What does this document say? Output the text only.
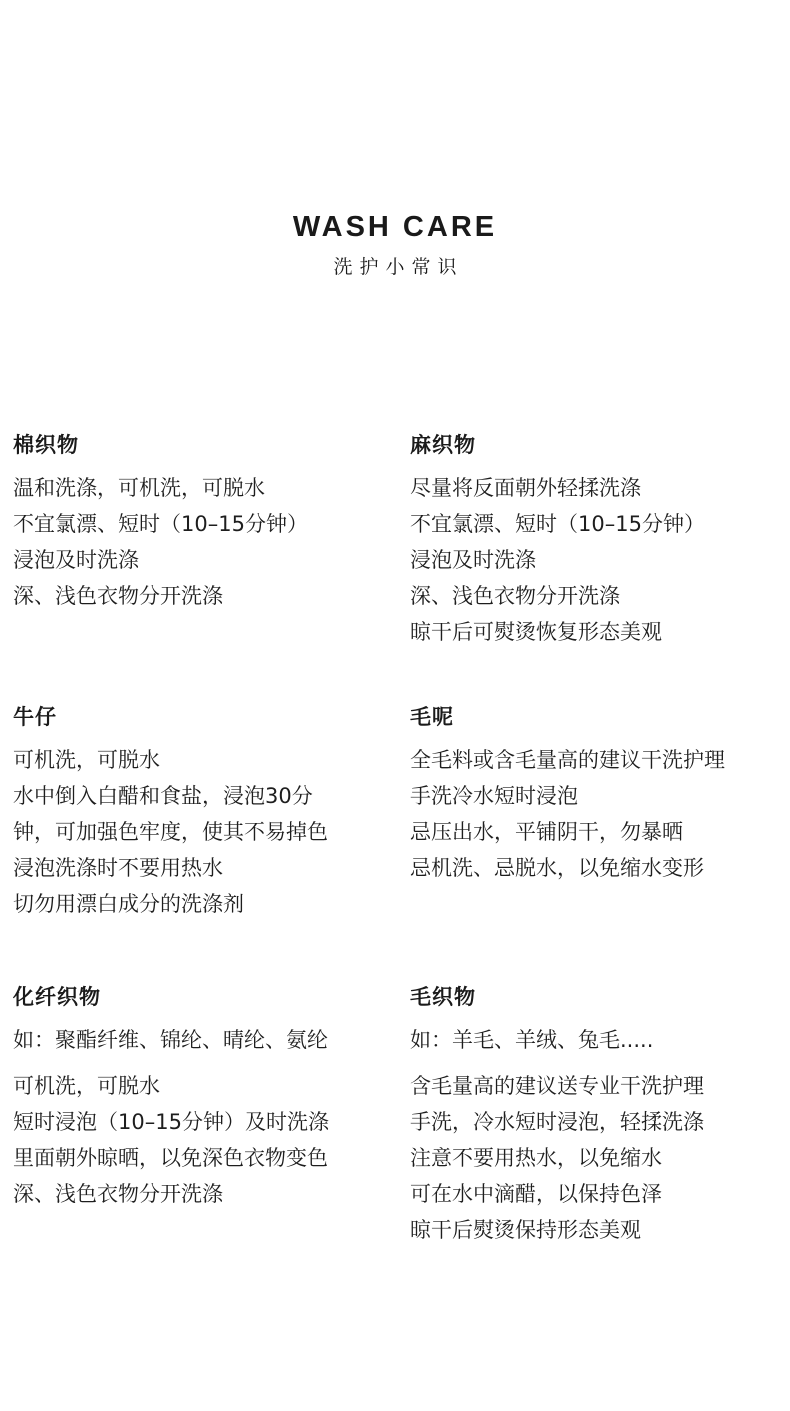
WASH CARE
洗护小常识
棉织物
温和洗涤，可机洗，可脱水
不宜氯漂、短时（10–15分钟）
浸泡及时洗涤
深、浅色衣物分开洗涤
麻织物
尽量将反面朝外轻揉洗涤
不宜氯漂、短时（10–15分钟）
浸泡及时洗涤
深、浅色衣物分开洗涤
晾干后可熨烫恢复形态美观
牛仔
可机洗，可脱水
水中倒入白醋和食盐，浸泡30分
钟，可加强色牢度，使其不易掉色
浸泡洗涤时不要用热水
切勿用漂白成分的洗涤剂
毛呢
全毛料或含毛量高的建议干洗护理
手洗冷水短时浸泡
忌压出水，平铺阴干，勿暴晒
忌机洗、忌脱水，以免缩水变形
化纤织物
如：聚酯纤维、锦纶、晴纶、氨纶
可机洗，可脱水
短时浸泡（10–15分钟）及时洗涤
里面朝外晾晒，以免深色衣物变色
深、浅色衣物分开洗涤
毛织物
如：羊毛、羊绒、兔毛.....
含毛量高的建议送专业干洗护理
手洗，冷水短时浸泡，轻揉洗涤
注意不要用热水，以免缩水
可在水中滴醋，以保持色泽
晾干后熨烫保持形态美观
